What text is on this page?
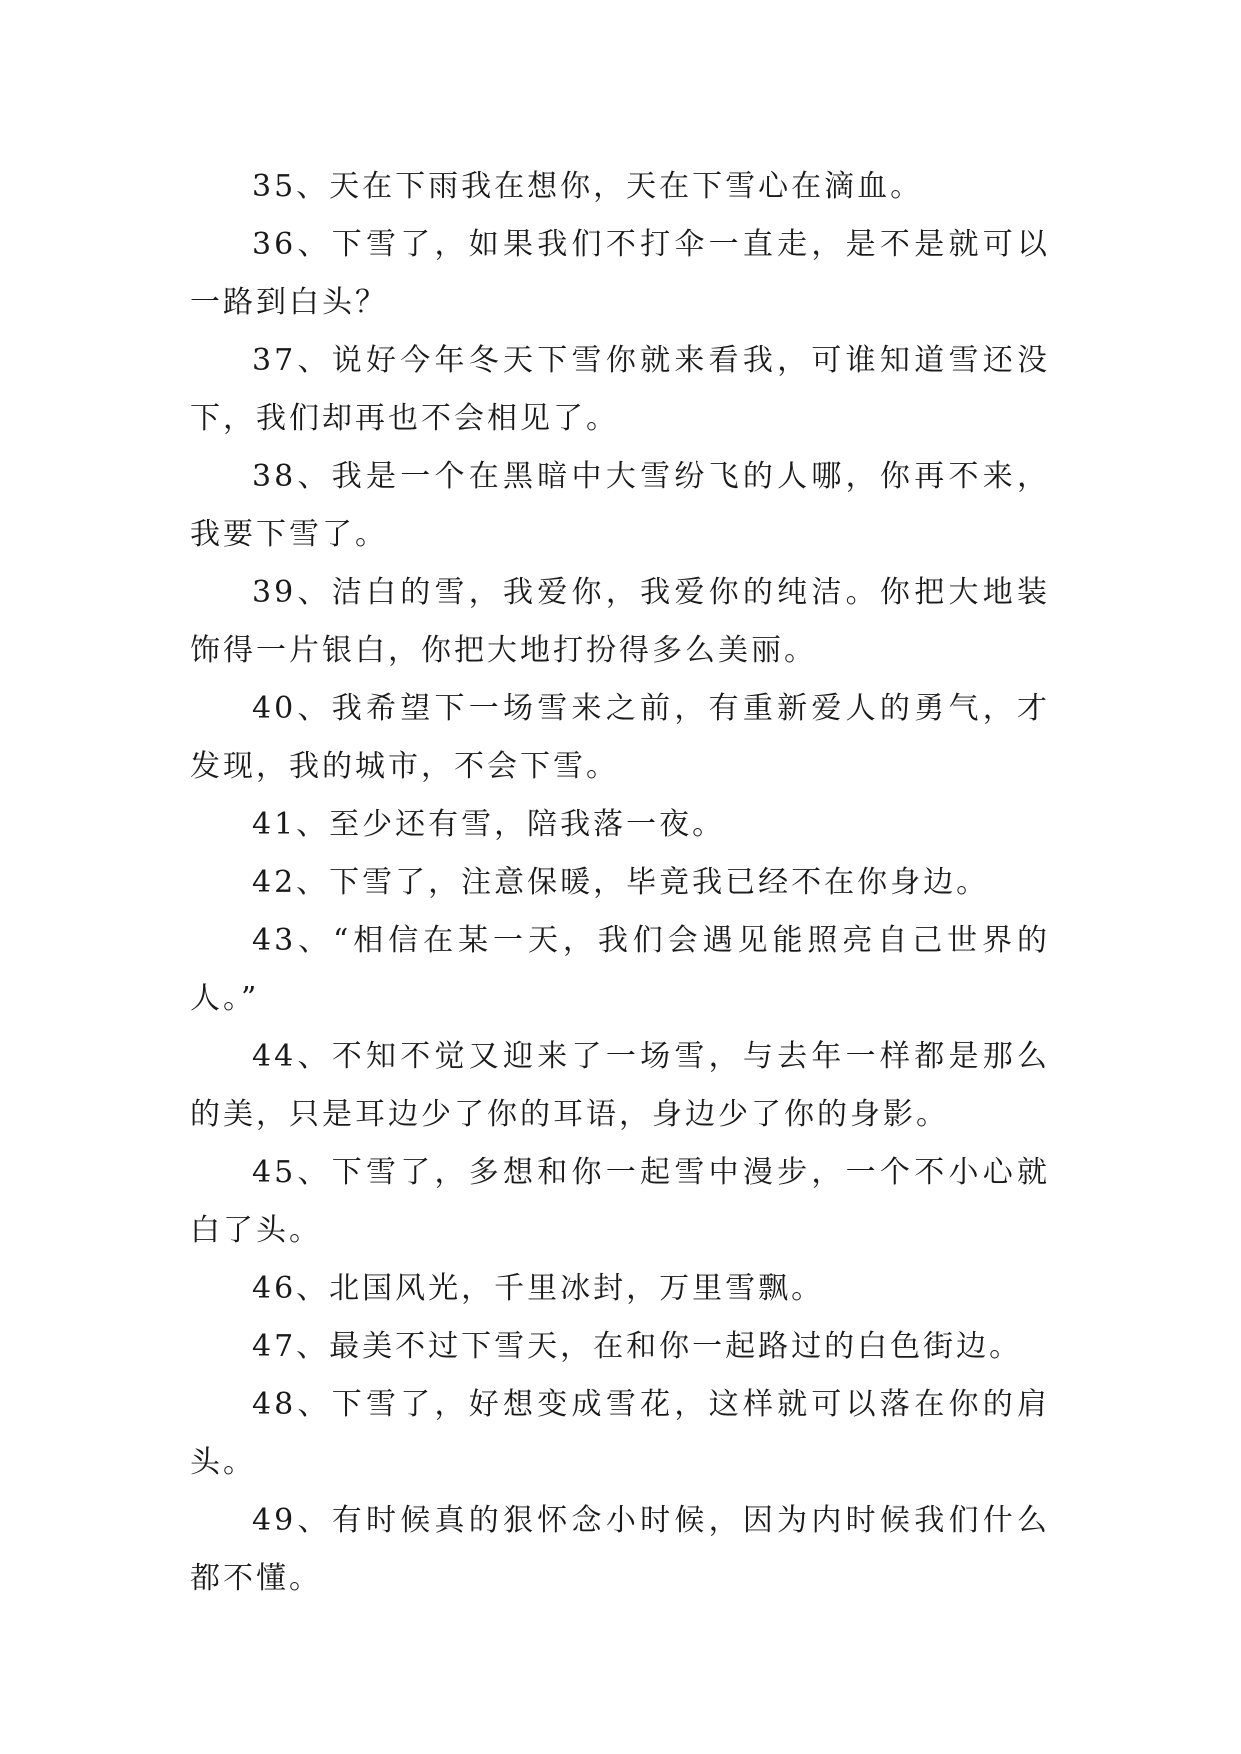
35、天在下雨我在想你，天在下雪心在滴血。

36、下雪了，如果我们不打伞一直走，是不是就可以一路到白头？

37、说好今年冬天下雪你就来看我，可谁知道雪还没下，我们却再也不会相见了。

38、我是一个在黑暗中大雪纷飞的人哪，你再不来，我要下雪了。

39、洁白的雪，我爱你，我爱你的纯洁。你把大地装饰得一片银白，你把大地打扮得多么美丽。

40、我希望下一场雪来之前，有重新爱人的勇气，才发现，我的城市，不会下雪。

41、至少还有雪，陪我落一夜。

42、下雪了，注意保暖，毕竟我已经不在你身边。

43、“相信在某一天，我们会遇见能照亮自己世界的人。”

44、不知不觉又迎来了一场雪，与去年一样都是那么的美，只是耳边少了你的耳语，身边少了你的身影。

45、下雪了，多想和你一起雪中漫步，一个不小心就白了头。

46、北国风光，千里冰封，万里雪飘。

47、最美不过下雪天，在和你一起路过的白色街边。

48、下雪了，好想变成雪花，这样就可以落在你的肩头。

49、有时候真的狠怀念小时候，因为内时候我们什么都不懂。
